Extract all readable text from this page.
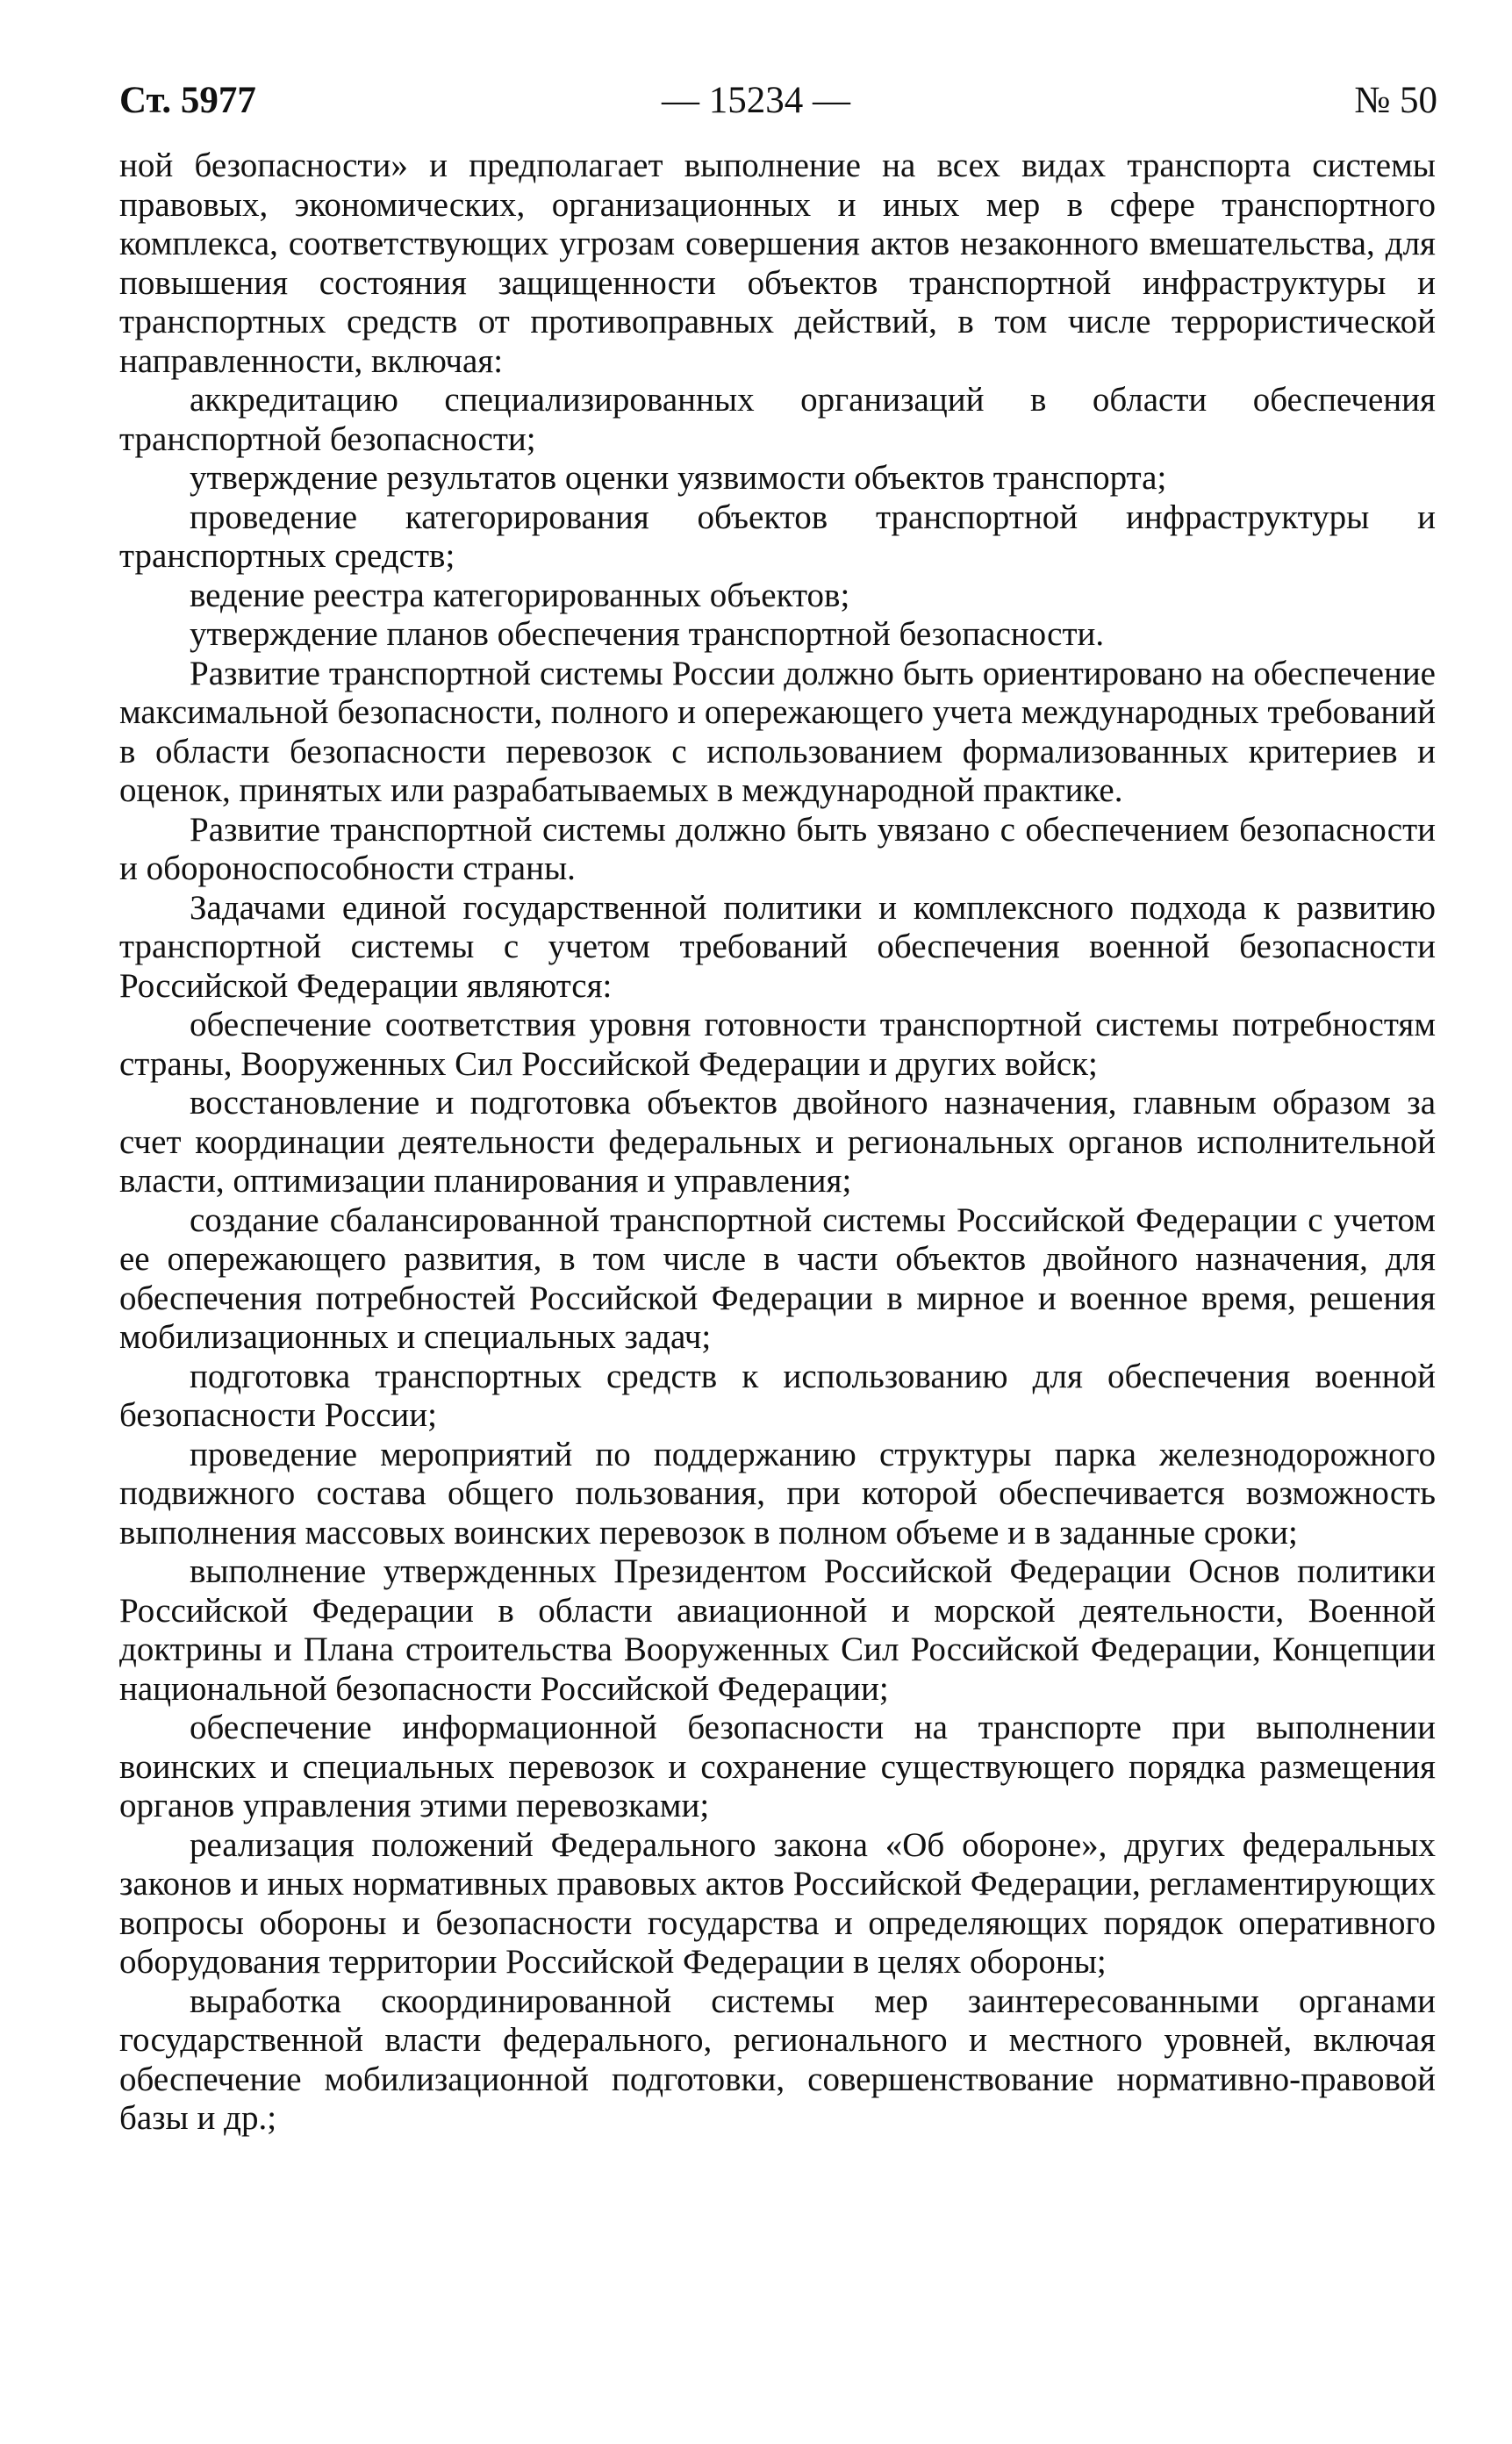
Ст. 5977	— 15234 —	№ 50

ной безопасности» и предполагает выполнение на всех видах транспорта системы правовых, экономических, организационных и иных мер в сфере транспортного комплекса, соответствующих угрозам совершения актов незаконного вмешательства, для повышения состояния защищенности объектов транспортной инфраструктуры и транспортных средств от противоправных действий, в том числе террористической направленности, включая:

аккредитацию специализированных организаций в области обеспечения транспортной безопасности;

утверждение результатов оценки уязвимости объектов транспорта;

проведение категорирования объектов транспортной инфраструктуры и транспортных средств;

ведение реестра категорированных объектов;

утверждение планов обеспечения транспортной безопасности.

Развитие транспортной системы России должно быть ориентировано на обеспечение максимальной безопасности, полного и опережающего учета международных требований в области безопасности перевозок с использованием формализованных критериев и оценок, принятых или разрабатываемых в международной практике.

Развитие транспортной системы должно быть увязано с обеспечением безопасности и обороноспособности страны.

Задачами единой государственной политики и комплексного подхода к развитию транспортной системы с учетом требований обеспечения военной безопасности Российской Федерации являются:

обеспечение соответствия уровня готовности транспортной системы потребностям страны, Вооруженных Сил Российской Федерации и других войск;

восстановление и подготовка объектов двойного назначения, главным образом за счет координации деятельности федеральных и региональных органов исполнительной власти, оптимизации планирования и управления;

создание сбалансированной транспортной системы Российской Федерации с учетом ее опережающего развития, в том числе в части объектов двойного назначения, для обеспечения потребностей Российской Федерации в мирное и военное время, решения мобилизационных и специальных задач;

подготовка транспортных средств к использованию для обеспечения военной безопасности России;

проведение мероприятий по поддержанию структуры парка железнодорожного подвижного состава общего пользования, при которой обеспечивается возможность выполнения массовых воинских перевозок в полном объеме и в заданные сроки;

выполнение утвержденных Президентом Российской Федерации Основ политики Российской Федерации в области авиационной и морской деятельности, Военной доктрины и Плана строительства Вооруженных Сил Российской Федерации, Концепции национальной безопасности Российской Федерации;

обеспечение информационной безопасности на транспорте при выполнении воинских и специальных перевозок и сохранение существующего порядка размещения органов управления этими перевозками;

реализация положений Федерального закона «Об обороне», других федеральных законов и иных нормативных правовых актов Российской Федерации, регламентирующих вопросы обороны и безопасности государства и определяющих порядок оперативного оборудования территории Российской Федерации в целях обороны;

выработка скоординированной системы мер заинтересованными органами государственной власти федерального, регионального и местного уровней, включая обеспечение мобилизационной подготовки, совершенствование нормативно-правовой базы и др.;
